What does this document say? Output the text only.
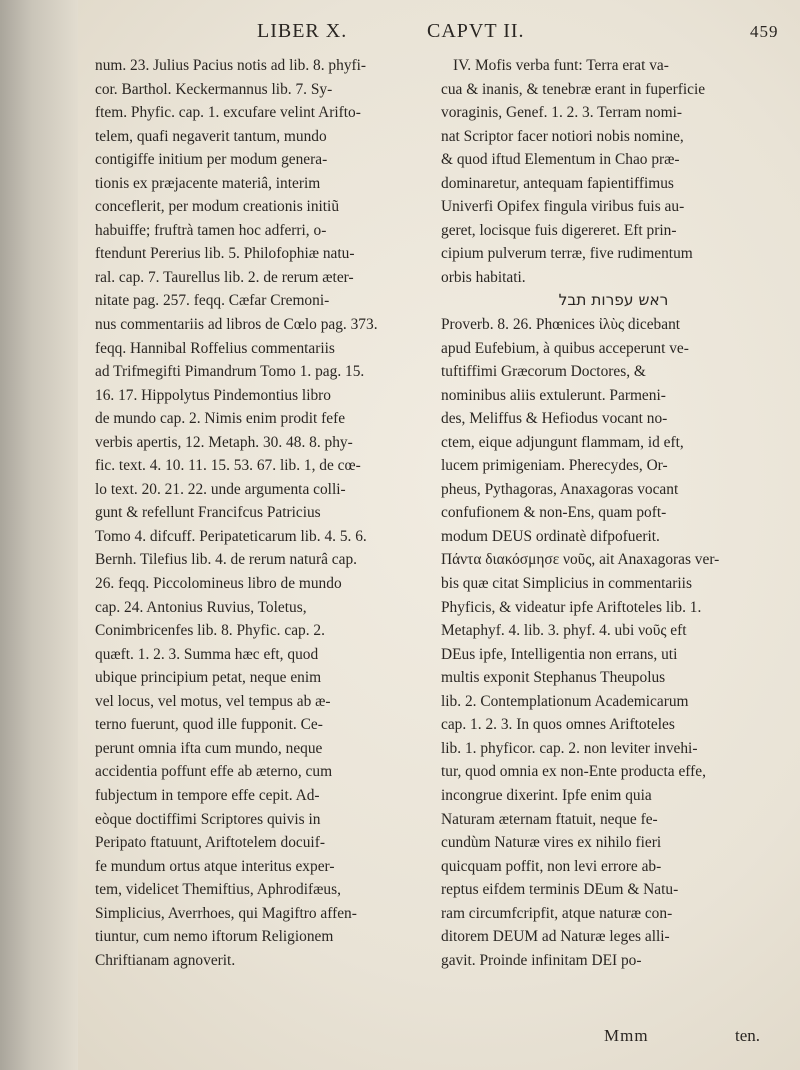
LIBER X.	CAPVT II.	459
num. 23. Julius Pacius notis ad lib. 8. phyfi-
cor. Barthol. Keckermannus lib. 7. Sy-
ftem. Phyfic. cap. 1. excufare velint Arifto-
telem, quafi negaverit tantum, mundo
contigiffe initium per modum genera-
tionis ex præjacente materiâ, interim
conceflerit, per modum creationis initiũ
habuiffe; fruftrà tamen hoc adferri, o-
ftendunt Pererius lib. 5. Philofophiæ natu-
ral. cap. 7. Taurellus lib. 2. de rerum æter-
nitate pag. 257. feqq. Cæfar Cremoni-
nus commentariis ad libros de Cœlo pag. 373.
feqq. Hannibal Roffelius commentariis
ad Trifmegifti Pimandrum Tomo 1. pag. 15.
16. 17. Hippolytus Pindemontius libro
de mundo cap. 2. Nimis enim prodit fefe
verbis apertis, 12. Metaph. 30. 48. 8. phy-
fic. text. 4. 10. 11. 15. 53. 67. lib. 1, de cœ-
lo text. 20. 21. 22. unde argumenta colli-
gunt & refellunt Francifcus Patricius
Tomo 4. difcuff. Peripateticarum lib. 4. 5. 6.
Bernh. Tilefius lib. 4. de rerum naturâ cap.
26. feqq. Piccolomineus libro de mundo
cap. 24. Antonius Ruvius, Toletus,
Conimbricenfes lib. 8. Phyfic. cap. 2.
quæft. 1. 2. 3. Summa hæc eft, quod
ubique principium petat, neque enim
vel locus, vel motus, vel tempus ab æ-
terno fuerunt, quod ille fupponit. Ce-
perunt omnia ifta cum mundo, neque
accidentia poffunt effe ab æterno, cum
fubjectum in tempore effe cepit. Ad-
eòque doctiffimi Scriptores quivis in
Peripato ftatuunt, Ariftotelem docuif-
fe mundum ortus atque interitus exper-
tem, videlicet Themiftius, Aphrodifæus,
Simplicius, Averrhoes, qui Magiftro affen-
tiuntur, cum nemo iftorum Religionem
Chriftianam agnoverit.
IV. Mofis verba funt: Terra erat va-
cua & inanis, & tenebræ erant in fuperficie
voraginis, Genef. 1. 2. 3. Terram nomi-
nat Scriptor facer notiori nobis nomine,
& quod iftud Elementum in Chao præ-
dominaretur, antequam fapientiffimus
Univerfi Opifex fingula viribus fuis au-
geret, locisque fuis digereret. Eft prin-
cipium pulverum terræ, five rudimentum
orbis habitati.
ראש עפרות תבל
Proverb. 8. 26. Phœnices ἰλὺς dicebant
apud Eufebium, à quibus acceperunt ve-
tuftiffimi Græcorum Doctores, &
nominibus aliis extulerunt. Parmeni-
des, Meliffus & Hefiodus vocant no-
ctem, eique adjungunt flammam, id eft,
lucem primigeniam. Pherecydes, Or-
pheus, Pythagoras, Anaxagoras vocant
confufionem & non-Ens, quam poft-
modum DEUS ordinatè difpofuerit.
Πάντα διακόσμησε νοῦς, ait Anaxagoras ver-
bis quæ citat Simplicius in commentariis
Phyficis, & videatur ipfe Ariftoteles lib. 1.
Metaphyf. 4. lib. 3. phyf. 4. ubi νοῦς eft
DEus ipfe, Intelligentia non errans, uti
multis exponit Stephanus Theupolus
lib. 2. Contemplationum Academicarum
cap. 1. 2. 3. In quos omnes Ariftoteles
lib. 1. phyficor. cap. 2. non leviter invehi-
tur, quod omnia ex non-Ente producta effe,
incongrue dixerint. Ipfe enim quia
Naturam æternam ftatuit, neque fe-
cundùm Naturæ vires ex nihilo fieri
quicquam poffit, non levi errore ab-
reptus eifdem terminis DEum & Natu-
ram circumfcripfit, atque naturæ con-
ditorem DEUM ad Naturæ leges alli-
gavit. Proinde infinitam DEI po-
Mmm	ten.
